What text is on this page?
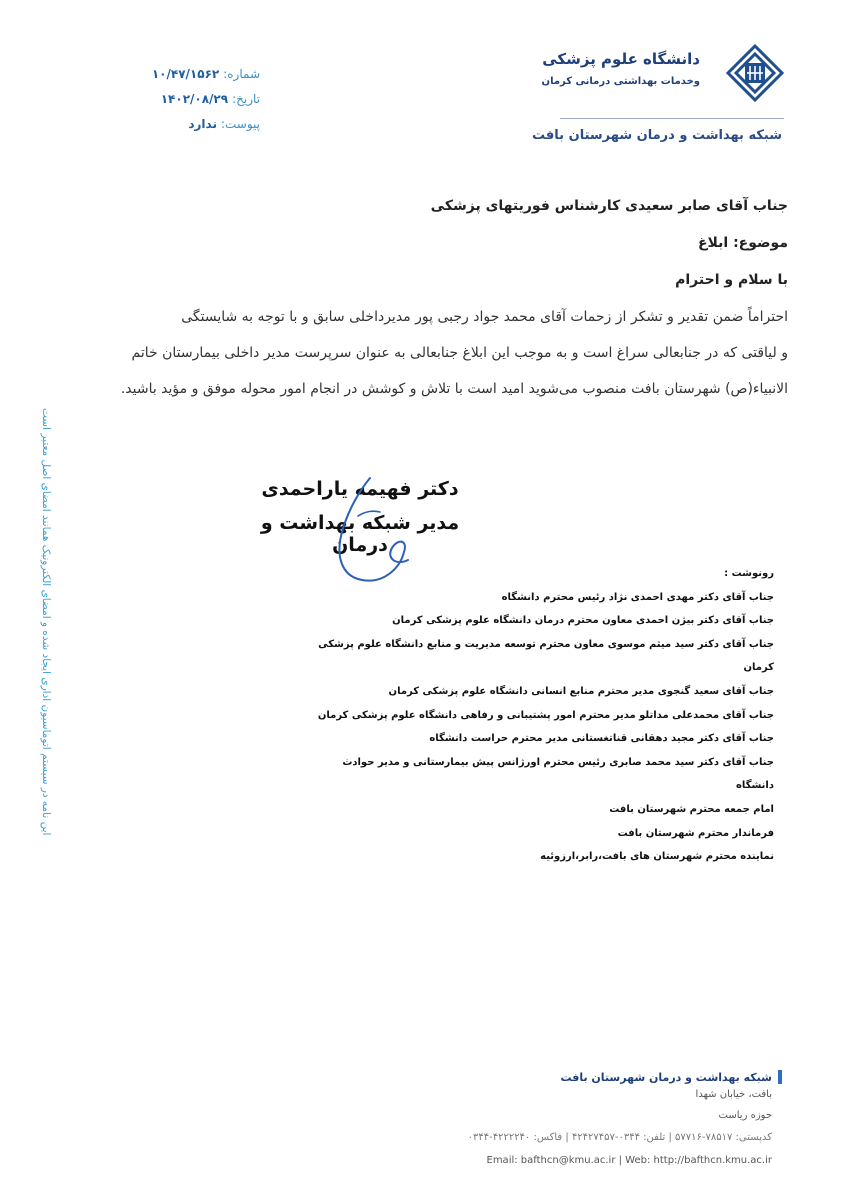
دانشگاه علوم پزشکی
وخدمات بهداشتی درمانی کرمان
شبکه بهداشت و درمان شهرستان بافت
شماره:
۱۰/۴۷/۱۵۶۲
تاریخ:
۱۴۰۲/۰۸/۲۹
پیوست:
ندارد
جناب آقای صابر سعیدی کارشناس فوریتهای پزشکی
موضوع: ابلاغ
با سلام و احترام
احتراماً ضمن تقدیر و تشکر از زحمات آقای محمد جواد رجبی پور مدیرداخلی سابق و با توجه به شایستگی
و لیاقتی که در جنابعالی سراغ است و به موجب این ابلاغ جنابعالی به عنوان سرپرست مدیر داخلی بیمارستان خاتم
الانبیاء(ص) شهرستان بافت منصوب می‌شوید امید است با تلاش و کوشش در انجام امور محوله موفق و مؤید باشید.
دکتر فهیمه یاراحمدی
مدیر شبکه بهداشت و درمان
رونوشت :
جناب آقای دکتر مهدی احمدی نژاد رئیس محترم دانشگاه
جناب آقای دکتر بیژن احمدی معاون محترم درمان دانشگاه علوم پزشکی کرمان
جناب آقای دکتر سید میثم موسوی معاون محترم توسعه مدیریت و منابع دانشگاه علوم پزشکی کرمان
جناب آقای سعید گنجوی مدیر محترم منابع انسانی دانشگاه علوم پزشکی کرمان
جناب آقای محمدعلی مداتلو مدیر محترم امور پشتیبانی و رفاهی دانشگاه علوم پزشکی کرمان
جناب آقای دکتر مجید دهقانی قناتغستانی مدیر محترم حراست دانشگاه
جناب آقای دکتر سید محمد صابری رئیس محترم اورژانس پیش بیمارستانی و مدیر حوادث دانشگاه
امام جمعه محترم شهرستان بافت
فرماندار محترم شهرستان بافت
نماینده محترم شهرستان های بافت،رابر،ارزوئیه
این نامه در سیستم اتوماسیون اداری ایجاد شده و امضای الکترونیک همانند امضای اصل معتبر است
شبکه بهداشت و درمان شهرستان بافت
بافت، خیابان شهدا
حوزه ریاست
کدپستی: ۷۸۵۱۷-۵۷۷۱۶ | تلفن: ۰۳۴۴-۴۲۴۲۷۴۵۷ | فاکس: ۴۲۲۲۲۴۰-۰۳۴۴
Email: bafthcn@kmu.ac.ir | Web: http://bafthcn.kmu.ac.ir
